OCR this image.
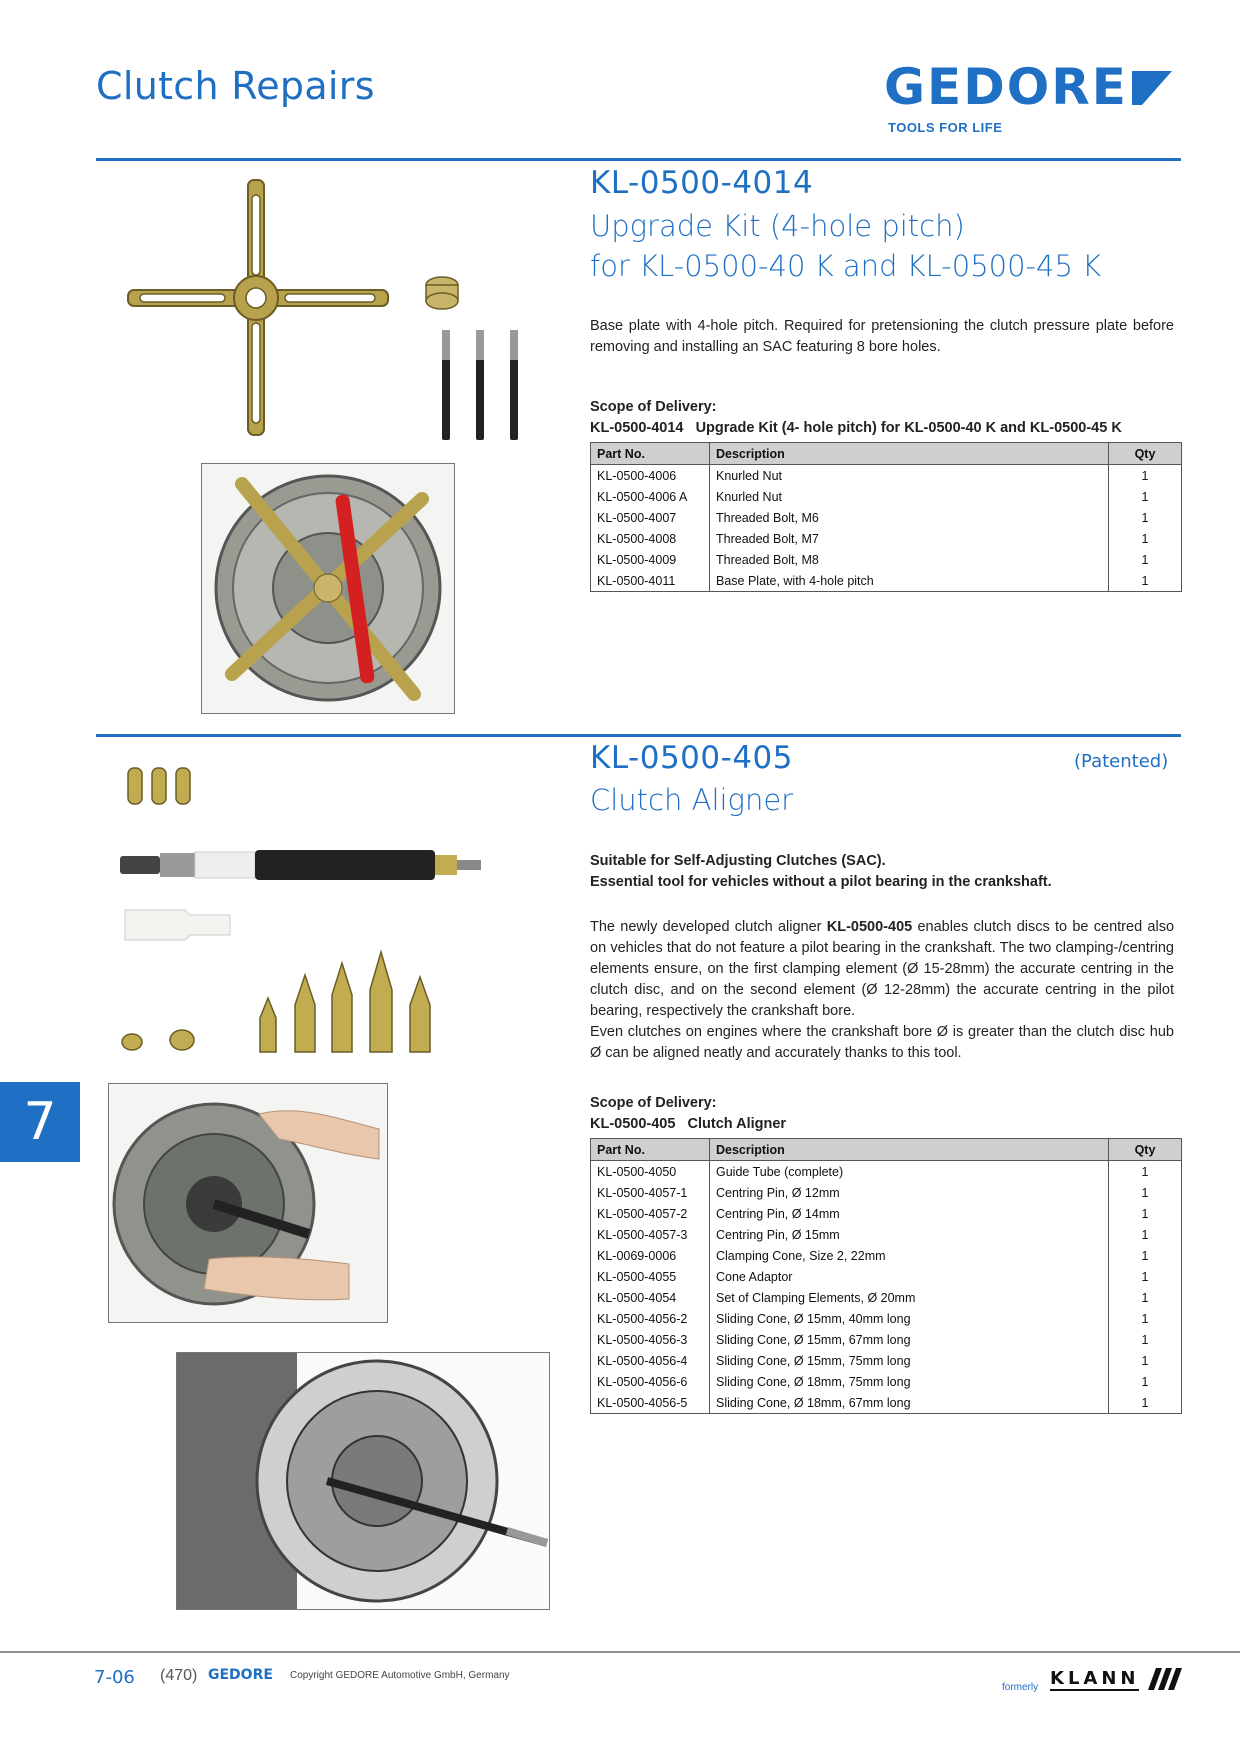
Clutch Repairs	GEDORE
TOOLS FOR LIFE
KL-0500-4014
Upgrade Kit (4-hole pitch)
for KL-0500-40 K and KL-0500-45 K
Base plate with 4-hole pitch. Required for pretensioning the clutch pressure plate before removing and installing an SAC featuring 8 bore holes.
Scope of Delivery:
KL-0500-4014   Upgrade Kit (4- hole pitch) for KL-0500-40 K and KL-0500-45 K
Part No.	Description	Qty
KL-0500-4006	Knurled Nut	1
KL-0500-4006 A	Knurled Nut	1
KL-0500-4007	Threaded Bolt, M6	1
KL-0500-4008	Threaded Bolt, M7	1
KL-0500-4009	Threaded Bolt, M8	1
KL-0500-4011	Base Plate, with 4-hole pitch	1
KL-0500-405	(Patented)
Clutch Aligner
Suitable for Self-Adjusting Clutches (SAC).
Essential tool for vehicles without a pilot bearing in the crankshaft.
The newly developed clutch aligner KL-0500-405 enables clutch discs to be centred also on vehicles that do not feature a pilot bearing in the crankshaft. The two clamping-/centring elements ensure, on the first clamping element (Ø 15-28mm) the accurate centring in the clutch disc, and on the second element (Ø 12-28mm) the accurate centring in the pilot bearing, respectively the crankshaft bore.
Even clutches on engines where the crankshaft bore Ø is greater than the clutch disc hub Ø can be aligned neatly and accurately thanks to this tool.
Scope of Delivery:
KL-0500-405   Clutch Aligner
Part No.	Description	Qty
KL-0500-4050	Guide Tube (complete)	1
KL-0500-4057-1	Centring Pin, Ø 12mm	1
KL-0500-4057-2	Centring Pin, Ø 14mm	1
KL-0500-4057-3	Centring Pin, Ø 15mm	1
KL-0069-0006	Clamping Cone, Size 2, 22mm	1
KL-0500-4055	Cone Adaptor	1
KL-0500-4054	Set of Clamping Elements, Ø 20mm	1
KL-0500-4056-2	Sliding Cone, Ø 15mm, 40mm long	1
KL-0500-4056-3	Sliding Cone, Ø 15mm, 67mm long	1
KL-0500-4056-4	Sliding Cone, Ø 15mm, 75mm long	1
KL-0500-4056-6	Sliding Cone, Ø 18mm, 75mm long	1
KL-0500-4056-5	Sliding Cone, Ø 18mm, 67mm long	1
7
7-06 (470) GEDORE Copyright GEDORE Automotive GmbH, Germany
formerly KLANN
